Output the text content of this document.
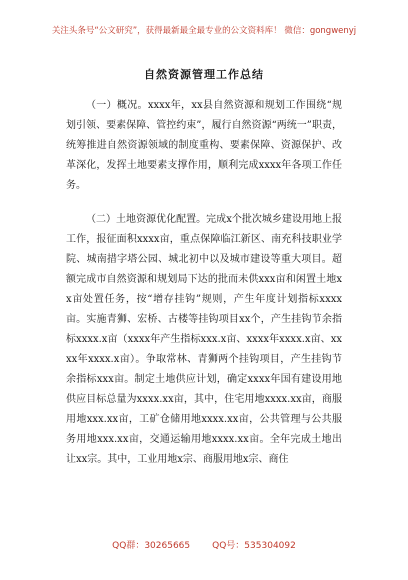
关注头条号“公文研究”，获得最新最全最专业的公文资料库！ 微信：gongwenyj
自然资源管理工作总结

（一）概况。xxxx年，xx县自然资源和规划工作围绕“规划引领、要素保障、管控约束”，履行自然资源“两统一”职责，统筹推进自然资源领域的制度重构、要素保障、资源保护、改革深化，发挥土地要素支撑作用，顺利完成xxxx年各项工作任务。

（二）土地资源优化配置。完成x个批次城乡建设用地上报工作，报征面积xxxx亩，重点保障临江新区、南充科技职业学院、城南措字塔公园、城北初中以及城市建设等重大项目。超额完成市自然资源和规划局下达的批而未供xxx亩和闲置土地xx亩处置任务，按“增存挂钩”规则，产生年度计划指标xxxx亩。实施青狮、宏桥、古楼等挂钩项目xx个，产生挂钩节余指标xxxx.x亩（xxxx年产生指标xxx.x亩、xxxx年xxxx.x亩、xxxx年xxxx.x亩）。争取常林、青狮两个挂钩项目，产生挂钩节余指标xxx亩。制定土地供应计划，确定xxxx年国有建设用地供应目标总量为xxxx.xx亩，其中，住宅用地xxxx.xx亩，商服用地xxx.xx亩，工矿仓储用地xxxx.xx亩，公共管理与公共服务用地xxx.xx亩，交通运输用地xxxx.xx亩。全年完成土地出让xx宗。其中，工业用地x宗、商服用地x宗、商住

QQ群：30265665 QQ号：535304092
